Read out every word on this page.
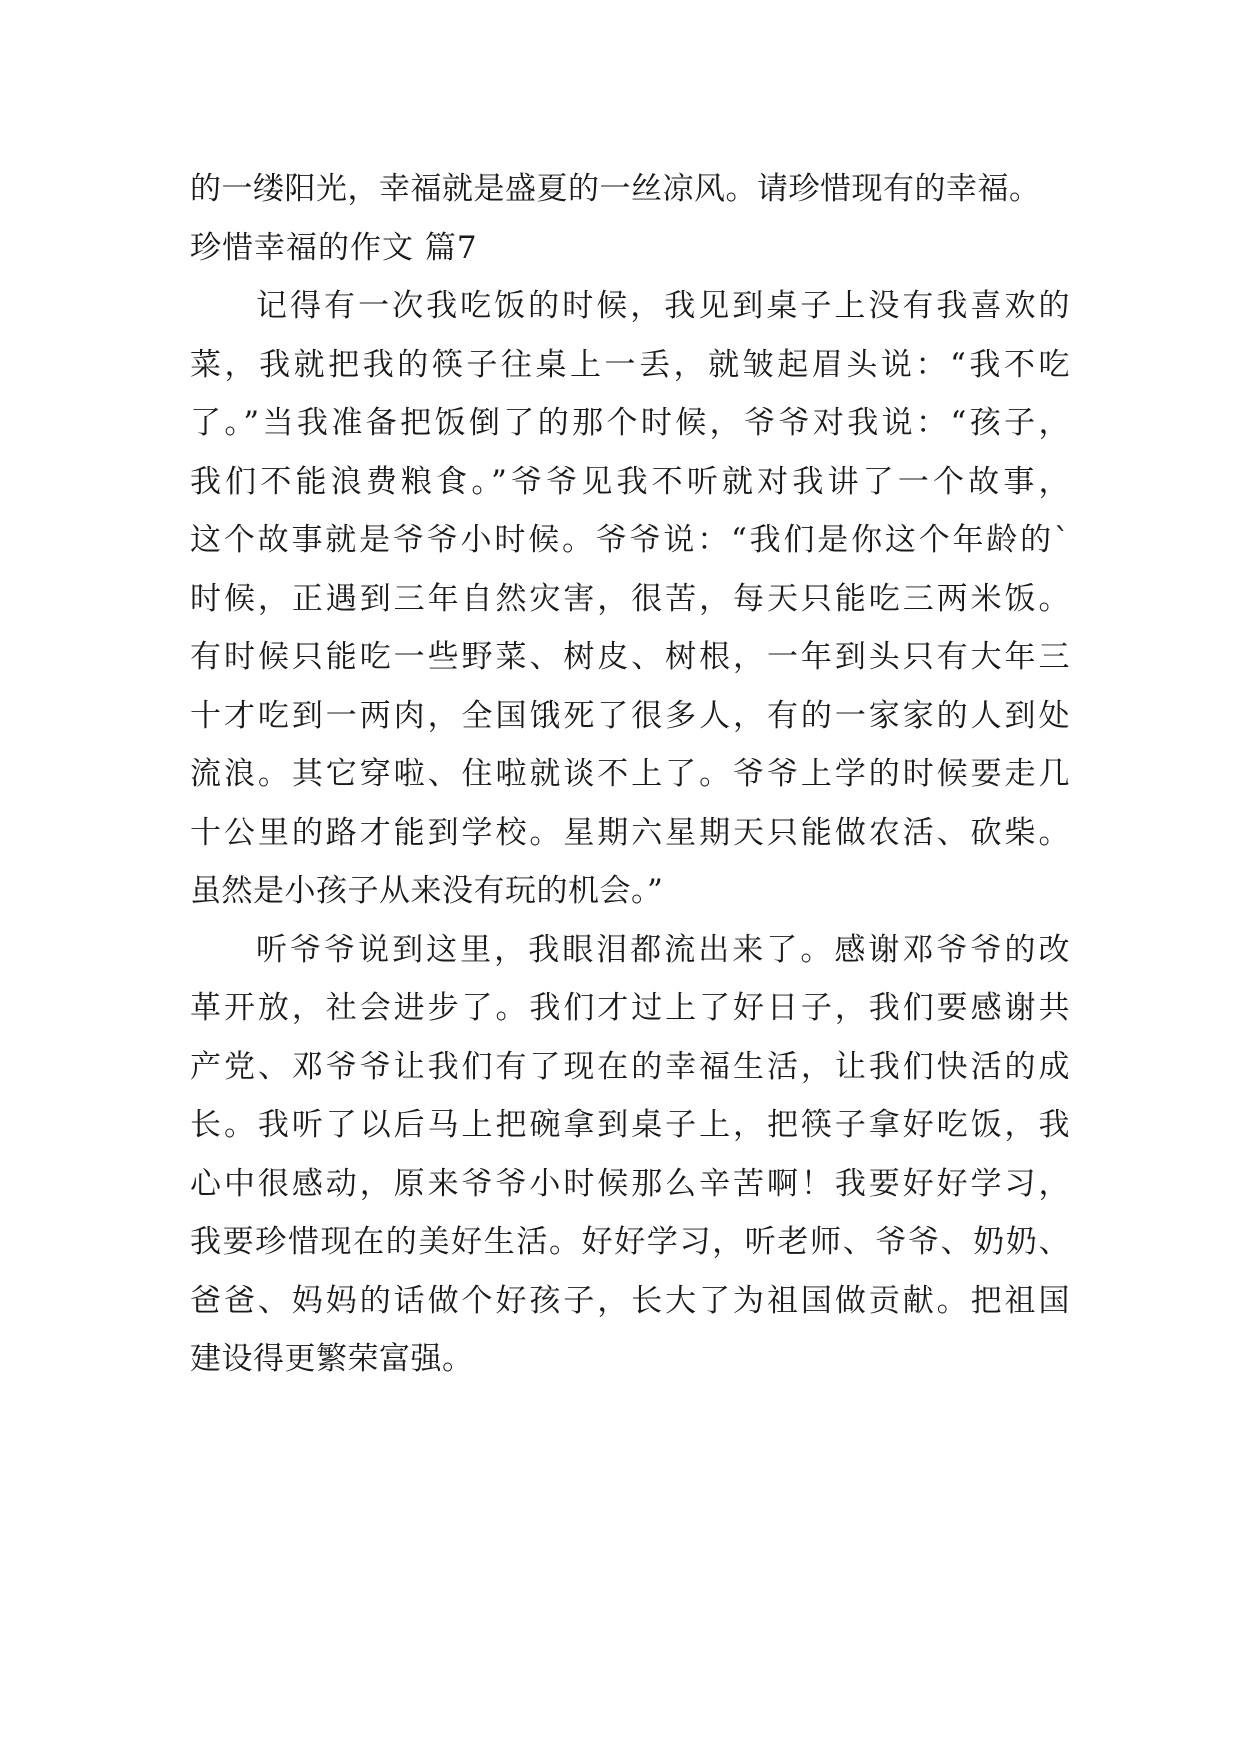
的一缕阳光，幸福就是盛夏的一丝凉风。请珍惜现有的幸福。
珍惜幸福的作文 篇7
记得有一次我吃饭的时候，我见到桌子上没有我喜欢的
菜，我就把我的筷子往桌上一丢，就皱起眉头说：“我不吃
了。”当我准备把饭倒了的那个时候，爷爷对我说：“孩子，
我们不能浪费粮食。”爷爷见我不听就对我讲了一个故事，
这个故事就是爷爷小时候。爷爷说：“我们是你这个年龄的`
时候，正遇到三年自然灾害，很苦，每天只能吃三两米饭。
有时候只能吃一些野菜、树皮、树根，一年到头只有大年三
十才吃到一两肉，全国饿死了很多人，有的一家家的人到处
流浪。其它穿啦、住啦就谈不上了。爷爷上学的时候要走几
十公里的路才能到学校。星期六星期天只能做农活、砍柴。
虽然是小孩子从来没有玩的机会。”
听爷爷说到这里，我眼泪都流出来了。感谢邓爷爷的改
革开放，社会进步了。我们才过上了好日子，我们要感谢共
产党、邓爷爷让我们有了现在的幸福生活，让我们快活的成
长。我听了以后马上把碗拿到桌子上，把筷子拿好吃饭，我
心中很感动，原来爷爷小时候那么辛苦啊！我要好好学习，
我要珍惜现在的美好生活。好好学习，听老师、爷爷、奶奶、
爸爸、妈妈的话做个好孩子，长大了为祖国做贡献。把祖国
建设得更繁荣富强。
